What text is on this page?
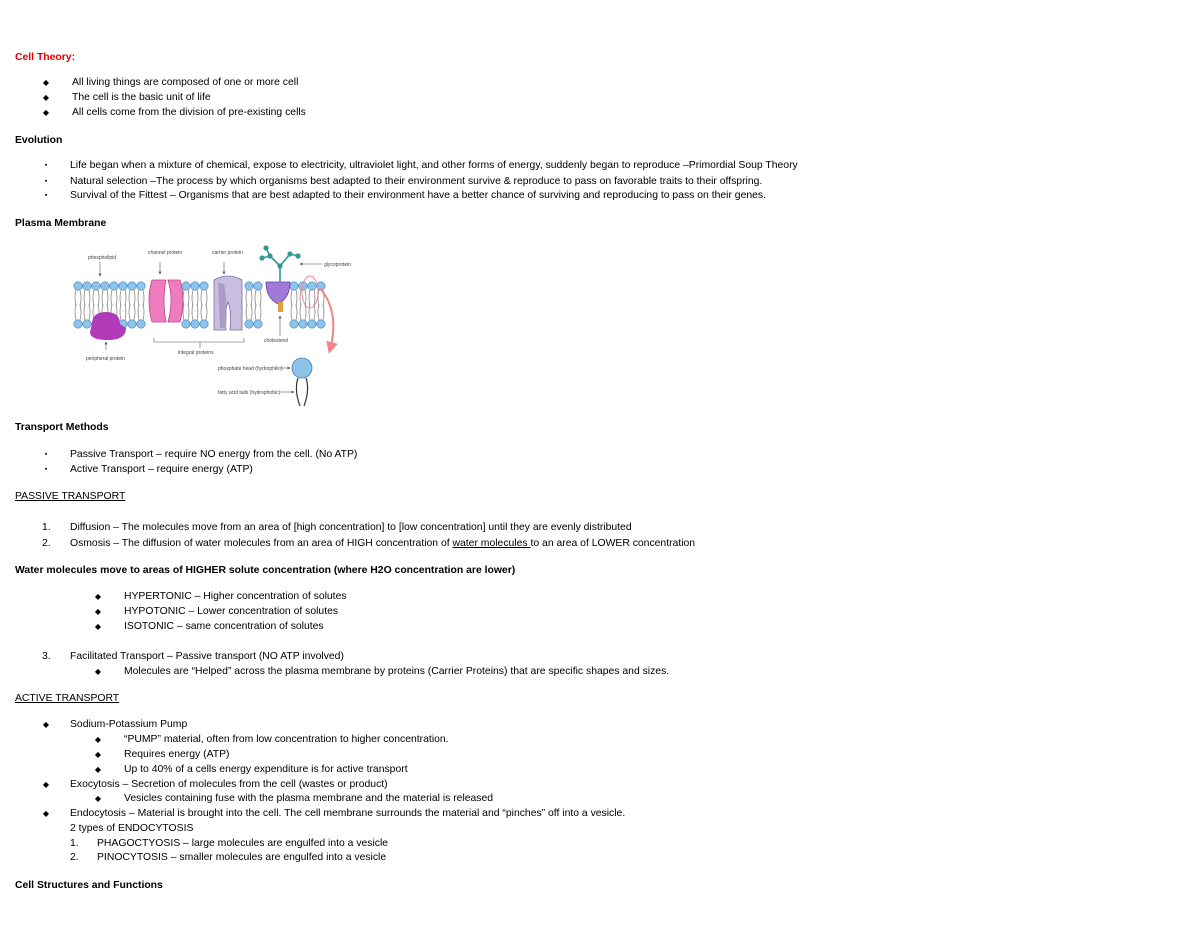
Cell Theory:
◆ All living things are composed of one or more cell
◆ The cell is the basic unit of life
◆ All cells come from the division of pre-existing cells
Evolution
▪	Life began when a mixture of chemical, expose to electricity, ultraviolet light, and other forms of energy, suddenly began to reproduce –Primordial Soup Theory
▪	Natural selection –The process by which organisms best adapted to their environment survive & reproduce to pass on favorable traits to their offspring.
▪	Survival of the Fittest – Organisms that are best adapted to their environment have a better chance of surviving and reproducing to pass on their genes.
Plasma Membrane
phospholipid
channel protein	carrier protein
glycoprotein
peripheral protein
integral proteins
cholesterol
phosphate head (hydrophilic)
fatty acid tails (hydrophobic)
Transport Methods
▪	Passive Transport – require NO energy from the cell. (No ATP)
▪	Active Transport – require energy (ATP)
PASSIVE TRANSPORT
1. Diffusion – The molecules move from an area of [high concentration] to [low concentration] until they are evenly distributed
2. Osmosis – The diffusion of water molecules from an area of HIGH concentration of water molecules to an area of LOWER concentration
Water molecules move to areas of HIGHER solute concentration (where H2O concentration are lower)
◆ HYPERTONIC – Higher concentration of solutes
◆ HYPOTONIC – Lower concentration of solutes
◆ ISOTONIC – same concentration of solutes
3. Facilitated Transport – Passive transport (NO ATP involved)
◆ Molecules are “Helped” across the plasma membrane by proteins (Carrier Proteins) that are specific shapes and sizes.
ACTIVE TRANSPORT
◆ Sodium-Potassium Pump
◆ “PUMP” material, often from low concentration to higher concentration.
◆ Requires energy (ATP)
◆ Up to 40% of a cells energy expenditure is for active transport
◆ Exocytosis – Secretion of molecules from the cell (wastes or product)
◆ Vesicles containing fuse with the plasma membrane and the material is released
◆ Endocytosis – Material is brought into the cell. The cell membrane surrounds the material and “pinches” off into a vesicle.
2 types of ENDOCYTOSIS
1. PHAGOCTYOSIS – large molecules are engulfed into a vesicle
2. PINOCYTOSIS – smaller molecules are engulfed into a vesicle
Cell Structures and Functions
